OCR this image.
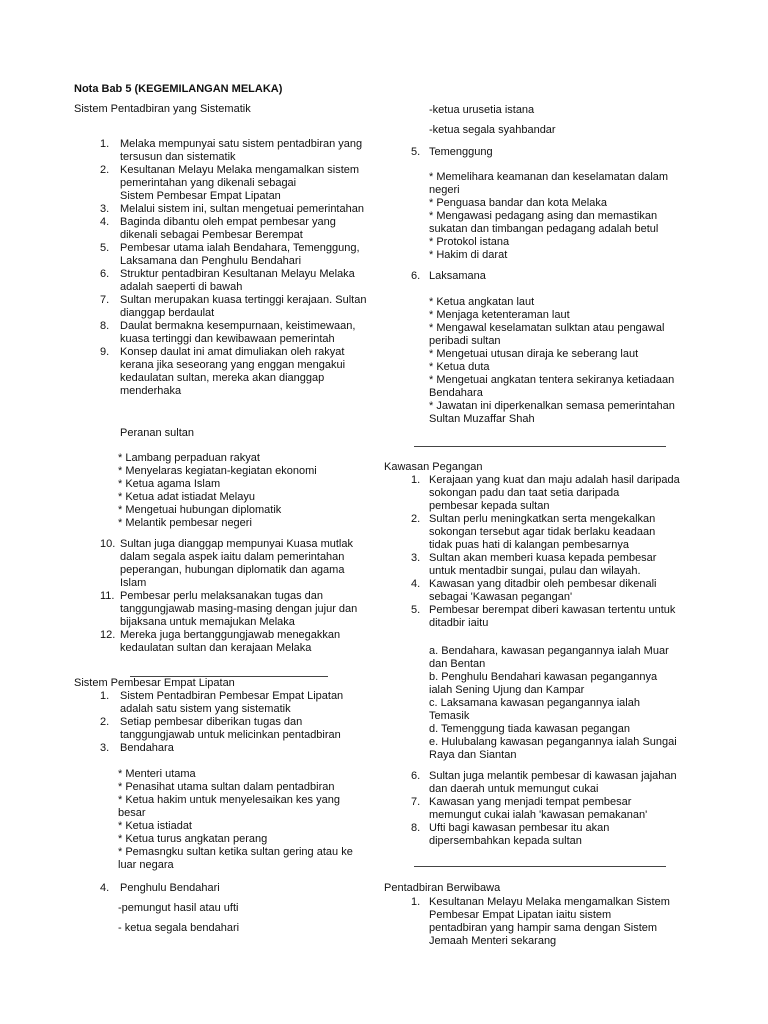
Nota Bab 5 (KEGEMILANGAN MELAKA)
Sistem Pentadbiran yang Sistematik
1. Melaka mempunyai satu sistem pentadbiran yang
tersusun dan sistematik
2. Kesultanan Melayu Melaka mengamalkan sistem
pemerintahan yang dikenali sebagai
Sistem Pembesar Empat Lipatan
3. Melalui sistem ini, sultan mengetuai pemerintahan
4. Baginda dibantu oleh empat pembesar yang
dikenali sebagai Pembesar Berempat
5. Pembesar utama ialah Bendahara, Temenggung,
Laksamana dan Penghulu Bendahari
6. Struktur pentadbiran Kesultanan Melayu Melaka
adalah saeperti di bawah
7. Sultan merupakan kuasa tertinggi kerajaan. Sultan
dianggap berdaulat
8. Daulat bermakna kesempurnaan, keistimewaan,
kuasa tertinggi dan kewibawaan pemerintah
9. Konsep daulat ini amat dimuliakan oleh rakyat
kerana jika seseorang yang enggan mengakui
kedaulatan sultan, mereka akan dianggap
menderhaka
Peranan sultan
* Lambang perpaduan rakyat
* Menyelaras kegiatan-kegiatan ekonomi
* Ketua agama Islam
* Ketua adat istiadat Melayu
* Mengetuai hubungan diplomatik
* Melantik pembesar negeri
10. Sultan juga dianggap mempunyai Kuasa mutlak
dalam segala aspek iaitu dalam pemerintahan
peperangan, hubungan diplomatik dan agama
Islam
11. Pembesar perlu melaksanakan tugas dan
tanggungjawab masing-masing dengan jujur dan
bijaksana untuk memajukan Melaka
12. Mereka juga bertanggungjawab menegakkan
kedaulatan sultan dan kerajaan Melaka
Sistem Pembesar Empat Lipatan
1. Sistem Pentadbiran Pembesar Empat Lipatan
adalah satu sistem yang sistematik
2. Setiap pembesar diberikan tugas dan
tanggungjawab untuk melicinkan pentadbiran
3. Bendahara
* Menteri utama
* Penasihat utama sultan dalam pentadbiran
* Ketua hakim untuk menyelesaikan kes yang
besar
* Ketua istiadat
* Ketua turus angkatan perang
* Pemasngku sultan ketika sultan gering atau ke
luar negara
4. Penghulu Bendahari
-pemungut hasil atau ufti
- ketua segala bendahari
-ketua urusetia istana
-ketua segala syahbandar
5. Temenggung
* Memelihara keamanan dan keselamatan dalam
negeri
* Penguasa bandar dan kota Melaka
* Mengawasi pedagang asing dan memastikan
sukatan dan timbangan pedagang adalah betul
* Protokol istana
* Hakim di darat
6. Laksamana
* Ketua angkatan laut
* Menjaga ketenteraman laut
* Mengawal keselamatan sulktan atau pengawal
peribadi sultan
* Mengetuai utusan diraja ke seberang laut
* Ketua duta
* Mengetuai angkatan tentera sekiranya ketiadaan
Bendahara
* Jawatan ini diperkenalkan semasa pemerintahan
Sultan Muzaffar Shah
Kawasan Pegangan
1. Kerajaan yang kuat dan maju adalah hasil daripada
sokongan padu dan taat setia daripada
pembesar kepada sultan
2. Sultan perlu meningkatkan serta mengekalkan
sokongan tersebut agar tidak berlaku keadaan
tidak puas hati di kalangan pembesarnya
3. Sultan akan memberi kuasa kepada pembesar
untuk mentadbir sungai, pulau dan wilayah.
4. Kawasan yang ditadbir oleh pembesar dikenali
sebagai 'Kawasan pegangan'
5. Pembesar berempat diberi kawasan tertentu untuk
ditadbir iaitu
a. Bendahara, kawasan pegangannya ialah Muar
dan Bentan
b. Penghulu Bendahari kawasan pegangannya
ialah Sening Ujung dan Kampar
c. Laksamana kawasan pegangannya ialah
Temasik
d. Temenggung tiada kawasan pegangan
e. Hulubalang kawasan pegangannya ialah Sungai
Raya dan Siantan
6. Sultan juga melantik pembesar di kawasan jajahan
dan daerah untuk memungut cukai
7. Kawasan yang menjadi tempat pembesar
memungut cukai ialah 'kawasan pemakanan'
8. Ufti bagi kawasan pembesar itu akan
dipersembahkan kepada sultan
Pentadbiran Berwibawa
1. Kesultanan Melayu Melaka mengamalkan Sistem
Pembesar Empat Lipatan iaitu sistem
pentadbiran yang hampir sama dengan Sistem
Jemaah Menteri sekarang
